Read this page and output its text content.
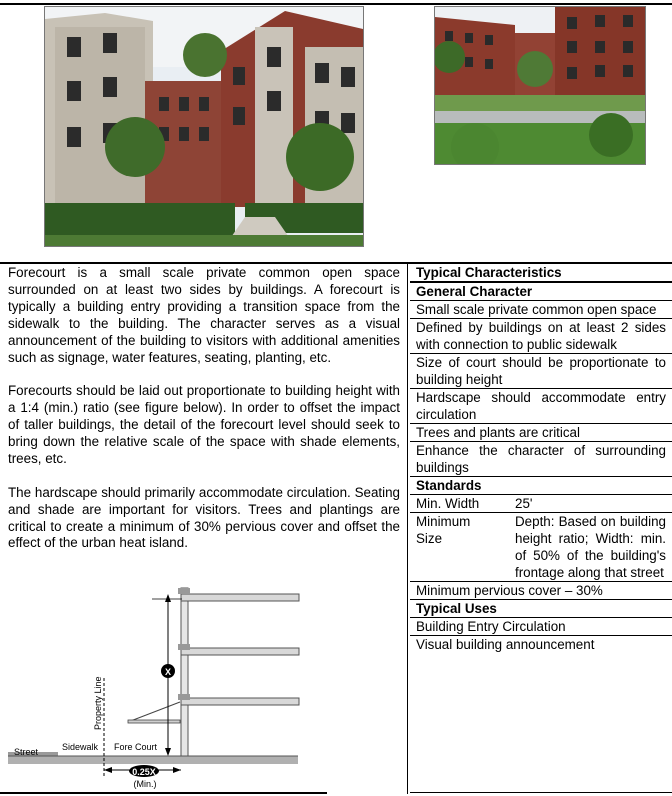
Forecourt is a small scale private common open space surrounded on at least two sides by buildings. A forecourt is typically a building entry providing a transition space from the sidewalk to the building. The character serves as a visual announcement of the building to visitors with additional amenities such as signage, water features, seating, planting, etc.

Forecourts should be laid out proportionate to building height with a 1:4 (min.) ratio (see figure below). In order to offset the impact of taller buildings, the detail of the forecourt level should seek to bring down the relative scale of the space with shade elements, trees, etc.

The hardscape should primarily accommodate circulation. Seating and shade are important for visitors. Trees and plantings are critical to create a minimum of 30% pervious cover and offset the effect of the urban heat island.

Typical Characteristics
General Character
Small scale private common open space
Defined by buildings on at least 2 sides with connection to public sidewalk
Size of court should be proportionate to building height
Hardscape should accommodate entry circulation
Trees and plants are critical
Enhance the character of surrounding buildings
Standards
Min. Width	25'
Minimum Size
Depth: Based on building height ratio; Width: min. of 50% of the building's frontage along that street
Minimum pervious cover – 30%
Typical Uses
Building Entry Circulation
Visual building announcement
X
Property Line
Street	Sidewalk Fore Court
0.25X
(Min.)
